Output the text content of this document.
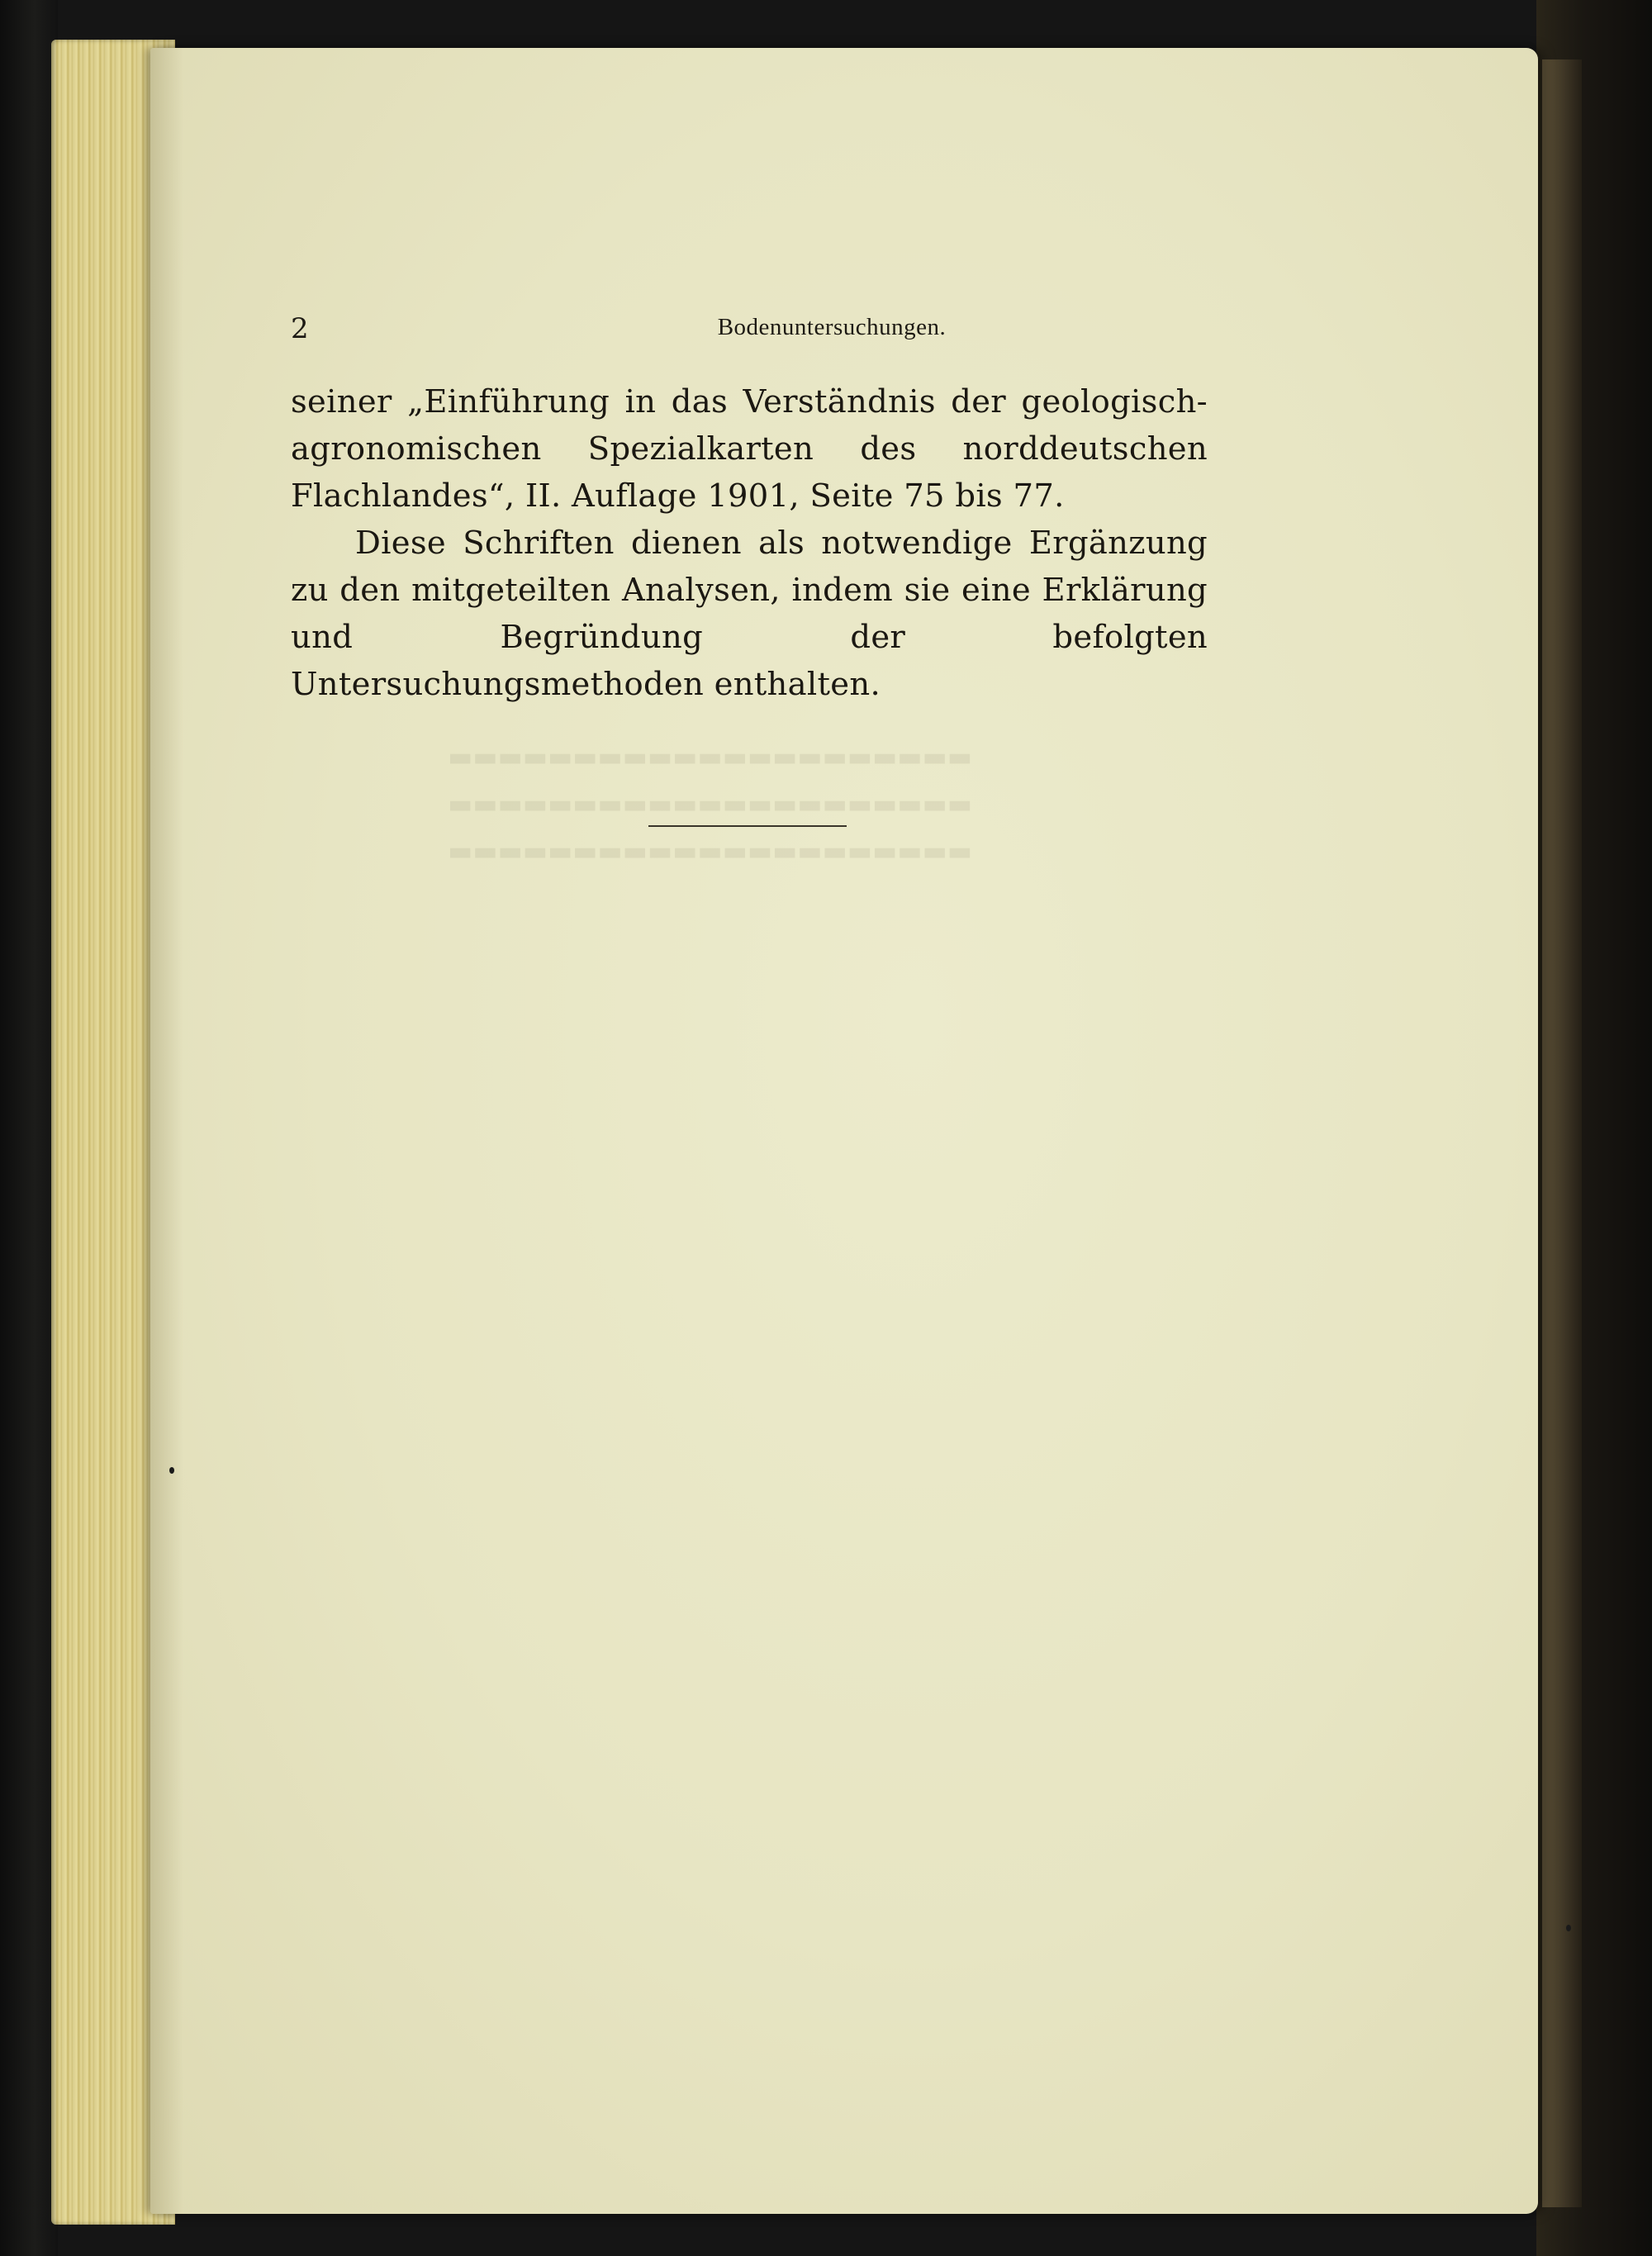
▬▬▬▬▬▬▬▬▬▬▬▬▬▬▬▬▬▬▬▬▬
▬▬▬▬▬▬▬▬▬▬▬▬▬▬▬▬▬▬▬▬▬
▬▬▬▬▬▬▬▬▬▬▬▬▬▬▬▬▬▬▬▬▬
2	Bodenuntersuchungen.

seiner „Einführung in das Verständnis der geologisch-agronomischen Spezialkarten des norddeutschen Flachlandes“, II. Auflage 1901, Seite 75 bis 77.

Diese Schriften dienen als notwendige Ergänzung zu den mitgeteilten Analysen, indem sie eine Erklärung und Begründung der befolgten Untersuchungsmethoden enthalten.
